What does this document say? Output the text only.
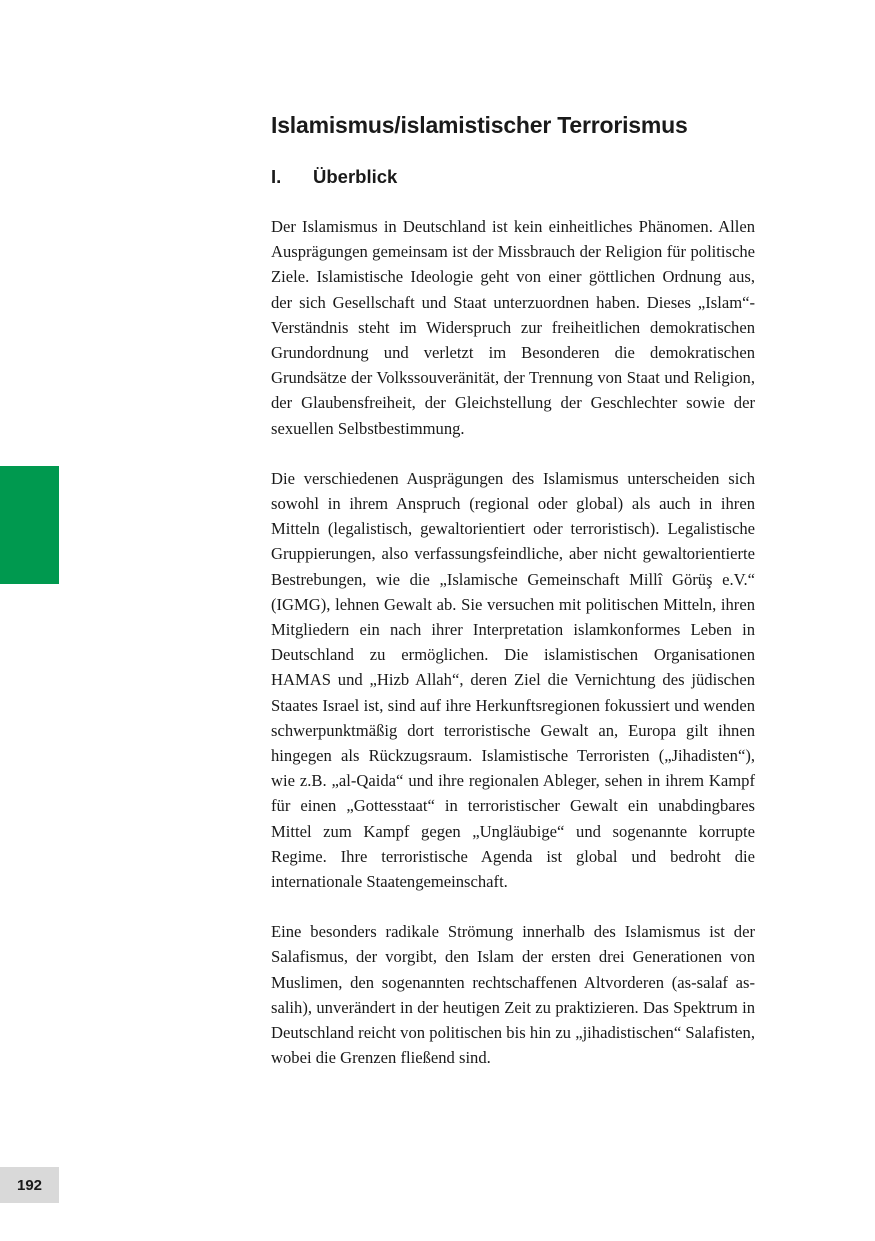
192
Islamismus/islamistischer Terrorismus
I.	Überblick

Der Islamismus in Deutschland ist kein einheitliches Phänomen. Allen Ausprägungen gemeinsam ist der Missbrauch der Religion für politische Ziele. Islamistische Ideologie geht von einer göttlichen Ordnung aus, der sich Gesellschaft und Staat unterzuordnen haben. Dieses „Islam“-Verständnis steht im Widerspruch zur freiheitlichen demokratischen Grundordnung und verletzt im Besonderen die demokratischen Grundsätze der Volkssouveränität, der Trennung von Staat und Religion, der Glaubensfreiheit, der Gleichstellung der Geschlechter sowie der sexuellen Selbstbestimmung.

Die verschiedenen Ausprägungen des Islamismus unterscheiden sich sowohl in ihrem Anspruch (regional oder global) als auch in ihren Mitteln (legalistisch, gewaltorientiert oder terroristisch). Legalistische Gruppierungen, also verfassungsfeindliche, aber nicht gewaltorientierte Bestrebungen, wie die „Islamische Gemeinschaft Millî Görüş e.V.“ (IGMG), lehnen Gewalt ab. Sie versuchen mit politischen Mitteln, ihren Mitgliedern ein nach ihrer Interpretation islamkonformes Leben in Deutschland zu ermöglichen. Die islamistischen Organisationen HAMAS und „Hizb Allah“, deren Ziel die Vernichtung des jüdischen Staates Israel ist, sind auf ihre Herkunftsregionen fokussiert und wenden schwerpunktmäßig dort terroristische Gewalt an, Europa gilt ihnen hingegen als Rückzugsraum. Islamistische Terroristen („Jihadisten“), wie z.B. „al-Qaida“ und ihre regionalen Ableger, sehen in ihrem Kampf für einen „Gottesstaat“ in terroristischer Gewalt ein unabdingbares Mittel zum Kampf gegen „Ungläubige“ und sogenannte korrupte Regime. Ihre terroristische Agenda ist global und bedroht die internationale Staatengemeinschaft.

Eine besonders radikale Strömung innerhalb des Islamismus ist der Salafismus, der vorgibt, den Islam der ersten drei Generationen von Muslimen, den sogenannten rechtschaffenen Altvorderen (as-salaf as-salih), unverändert in der heutigen Zeit zu praktizieren. Das Spektrum in Deutschland reicht von politischen bis hin zu „jihadistischen“ Salafisten, wobei die Grenzen fließend sind.
